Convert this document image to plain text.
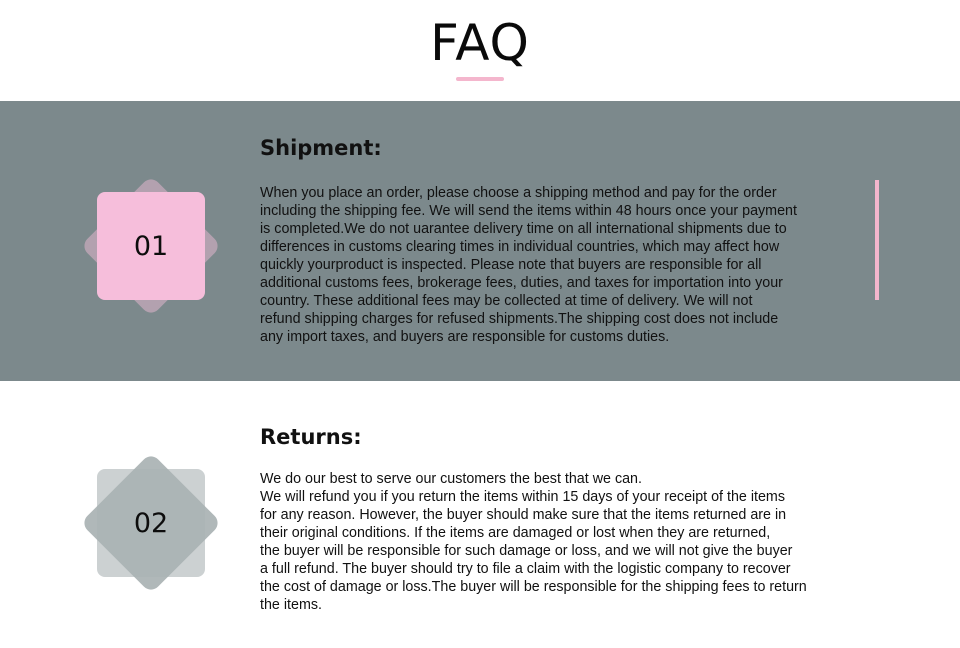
FAQ
01
Shipment:
When you place an order, please choose a shipping method and pay for the order
including the shipping fee. We will send the items within 48 hours once your payment
is completed.We do not uarantee delivery time on all international shipments due to
differences in customs clearing times in individual countries, which may affect how
quickly yourproduct is inspected. Please note that buyers are responsible for all
additional customs fees, brokerage fees, duties, and taxes for importation into your
country. These additional fees may be collected at time of delivery. We will not
refund shipping charges for refused shipments.The shipping cost does not include
any import taxes, and buyers are responsible for customs duties.
02
Returns:
We do our best to serve our customers the best that we can.
We will refund you if you return the items within 15 days of your receipt of the items
for any reason. However, the buyer should make sure that the items returned are in
their original conditions. If the items are damaged or lost when they are returned,
the buyer will be responsible for such damage or loss, and we will not give the buyer
a full refund. The buyer should try to file a claim with the logistic company to recover
the cost of damage or loss.The buyer will be responsible for the shipping fees to return
the items.
